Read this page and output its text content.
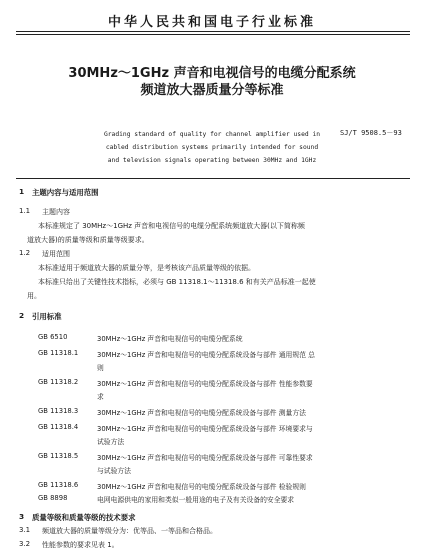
中华人民共和国电子行业标准
30MHz～1GHz 声音和电视信号的电缆分配系统
频道放大器质量分等标准
SJ/T 9508.5－93
Grading standard of quality for channel amplifier used in
cabled distribution systems primarily intended for sound
and television signals operating between 30MHz and 1GHz
1 主题内容与适用范围
1.1 主题内容
本标准规定了 30MHz～1GHz 声音和电视信号的电缆分配系统频道放大器(以下简称频
道放大器)的质量等级和质量等级要求。
1.2 适用范围
本标准适用于频道放大器的质量分等，是考核该产品质量等级的依据。
本标准只给出了关键性技术指标，必须与 GB 11318.1～11318.6 和有关产品标准一起使
用。
2 引用标准
GB 6510	30MHz～1GHz 声音和电视信号的电缆分配系统
GB 11318.1	30MHz～1GHz 声音和电视信号的电缆分配系统设备与部件 通用规范 总
则
GB 11318.2	30MHz～1GHz 声音和电视信号的电缆分配系统设备与部件 性能参数要
求
GB 11318.3	30MHz～1GHz 声音和电视信号的电缆分配系统设备与部件 测量方法
GB 11318.4	30MHz～1GHz 声音和电视信号的电缆分配系统设备与部件 环境要求与
试验方法
GB 11318.5	30MHz～1GHz 声音和电视信号的电缆分配系统设备与部件 可靠性要求
与试验方法
GB 11318.6	30MHz～1GHz 声音和电视信号的电缆分配系统设备与部件 检验规则
GB 8898	电网电源供电的家用和类似一般用途的电子及有关设备的安全要求
3 质量等级和质量等级的技术要求
3.1 频道放大器的质量等级分为：优等品、一等品和合格品。
3.2 性能参数的要求见表 1。
